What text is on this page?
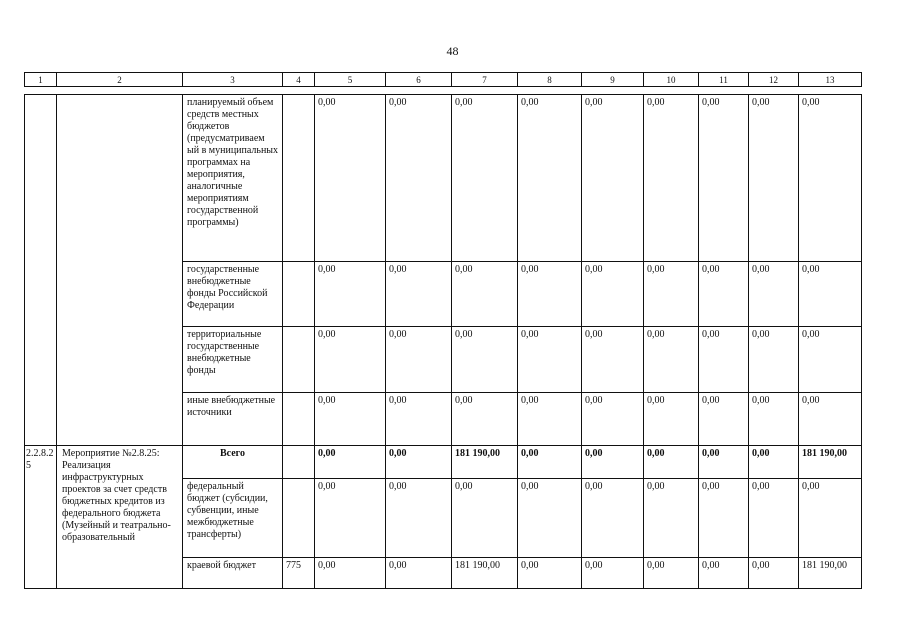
48
1	2	3	4	5	6	7	8	9	10	11	12	13
		планируемый объем средств местных бюджетов (предусматриваем ый в муниципальных программах на мероприятия, аналогичные мероприятиям государственной программы)		0,00	0,00	0,00	0,00	0,00	0,00	0,00	0,00	0,00
		государственные внебюджетные фонды Российской Федерации		0,00	0,00	0,00	0,00	0,00	0,00	0,00	0,00	0,00
		территориальные государственные внебюджетные фонды		0,00	0,00	0,00	0,00	0,00	0,00	0,00	0,00	0,00
		иные внебюджетные источники		0,00	0,00	0,00	0,00	0,00	0,00	0,00	0,00	0,00
2.2.8.2 5	Мероприятие №2.8.25: Реализация инфраструктурных проектов за счет средств бюджетных кредитов из федерального бюджета (Музейный и театрально- образовательный	Всего		0,00	0,00	181 190,00	0,00	0,00	0,00	0,00	0,00	181 190,00
		федеральный бюджет (субсидии, субвенции, иные межбюджетные трансферты)		0,00	0,00	0,00	0,00	0,00	0,00	0,00	0,00	0,00
		краевой бюджет	775	0,00	0,00	181 190,00	0,00	0,00	0,00	0,00	0,00	181 190,00
